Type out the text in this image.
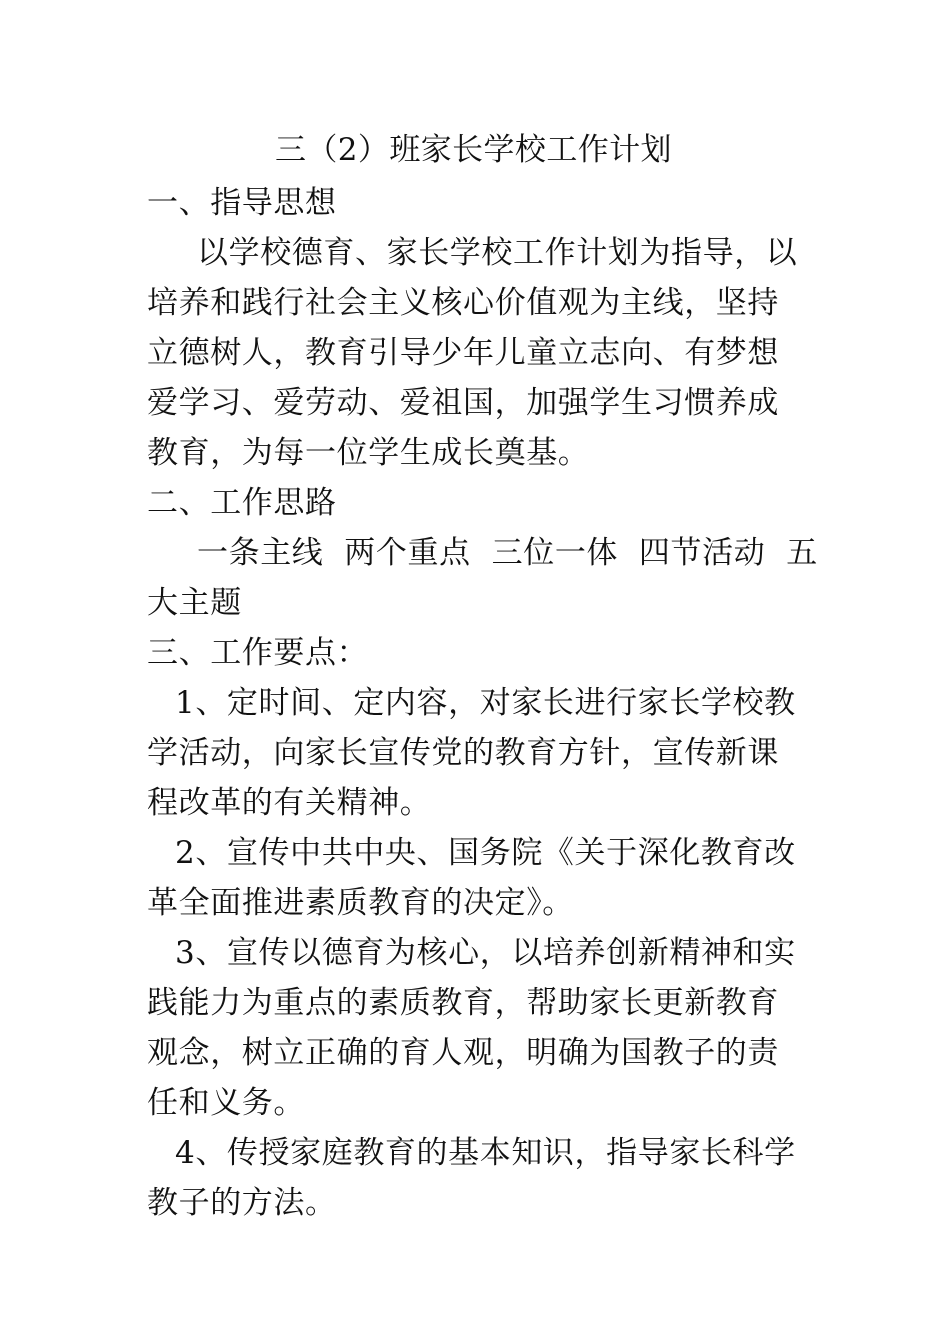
三（2）班家长学校工作计划
一、指导思想
以学校德育、家长学校工作计划为指导，以
培养和践行社会主义核心价值观为主线，坚持
立德树人，教育引导少年儿童立志向、有梦想
爱学习、爱劳动、爱祖国，加强学生习惯养成
教育，为每一位学生成长奠基。
二、工作思路
一条主线  两个重点  三位一体  四节活动  五
大主题
三、工作要点：
1、定时间、定内容，对家长进行家长学校教
学活动，向家长宣传党的教育方针，宣传新课
程改革的有关精神。
2、宣传中共中央、国务院《关于深化教育改
革全面推进素质教育的决定》。
3、宣传以德育为核心，以培养创新精神和实
践能力为重点的素质教育，帮助家长更新教育
观念，树立正确的育人观，明确为国教子的责
任和义务。
4、传授家庭教育的基本知识，指导家长科学
教子的方法。
